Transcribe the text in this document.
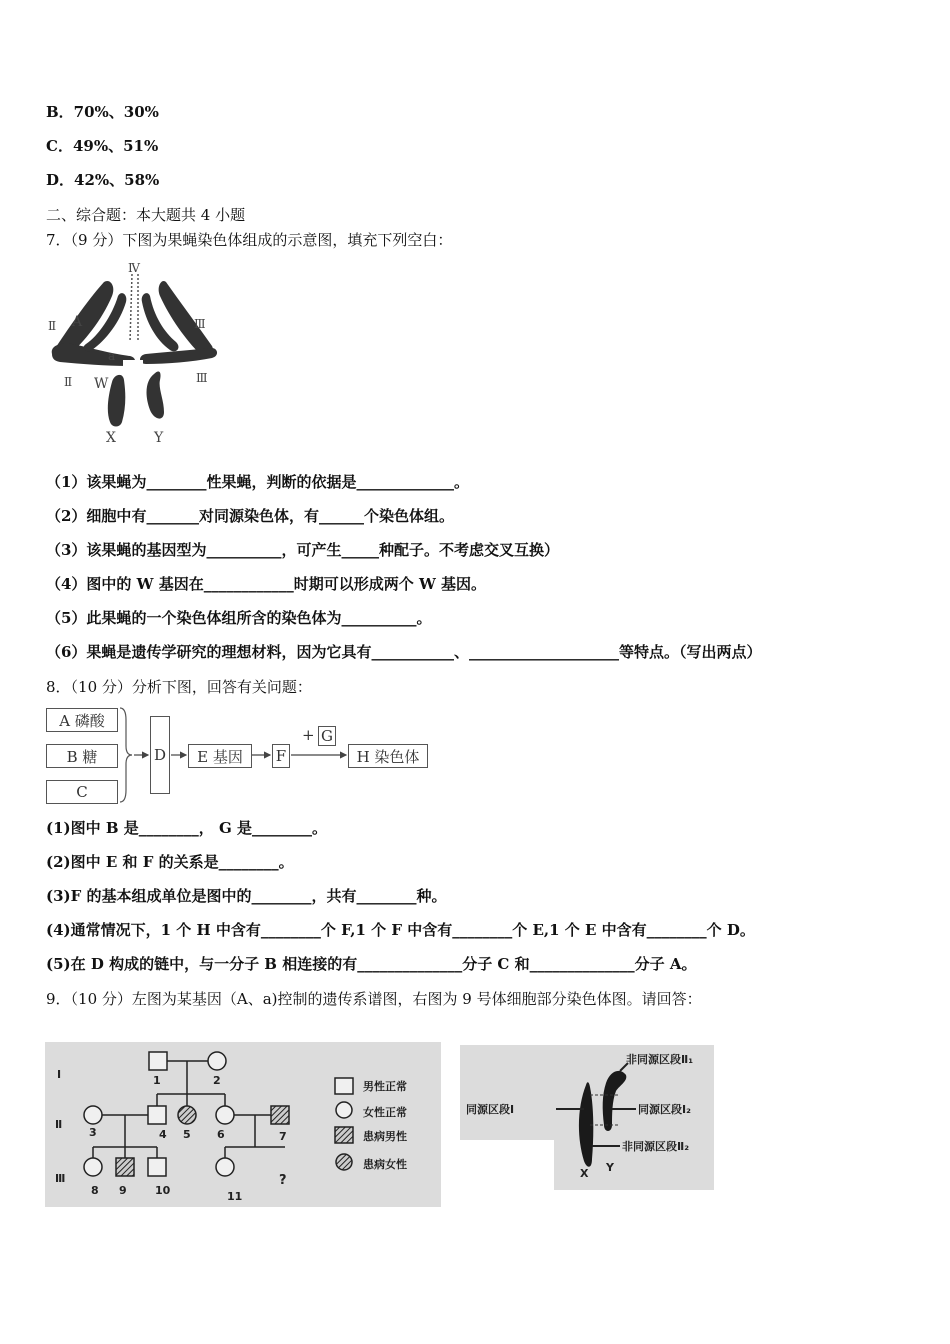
B．70%、30%
C．49%、51%
D．42%、58%
二、综合题：本大题共 4 小题
7．（9 分）下图为果蝇染色体组成的示意图，填充下列空白：
Ⅳ
Ⅱ	Ⅲ
A
a
Ⅱ W	Ⅲ
X	Y
（1）该果蝇为________性果蝇，判断的依据是_____________。
（2）细胞中有_______对同源染色体，有______个染色体组。
（3）该果蝇的基因型为__________，可产生_____种配子。不考虑交叉互换）
（4）图中的 W 基因在____________时期可以形成两个 W 基因。
（5）此果蝇的一个染色体组所含的染色体为__________。
（6）果蝇是遗传学研究的理想材料，因为它具有___________、____________________等特点。（写出两点）
8．（10 分）分析下图，回答有关问题：
A 磷酸
B 糖
C
D	E 基因	F
+ G
H 染色体
(1)图中 B 是________， G 是________。
(2)图中 E 和 F 的关系是________。
(3)F 的基本组成单位是图中的________，共有________种。
(4)通常情况下，1 个 H 中含有________个 F,1 个 F 中含有________个 E,1 个 E 中含有________个 D。
(5)在 D 构成的链中，与一分子 B 相连接的有______________分子 C 和______________分子 A。
9．（10 分）左图为某基因（A、a)控制的遗传系谱图，右图为 9 号体细胞部分染色体图。请回答：
Ⅰ
Ⅱ
Ⅲ
1	2
3	4 5 6	7
8 9	10	11
?
男性正常
女性正常
患病男性
患病女性
非同源区段Ⅱ₁
同源区段Ⅰ	同源区段Ⅰ₂
非同源区段Ⅱ₂
X Y
